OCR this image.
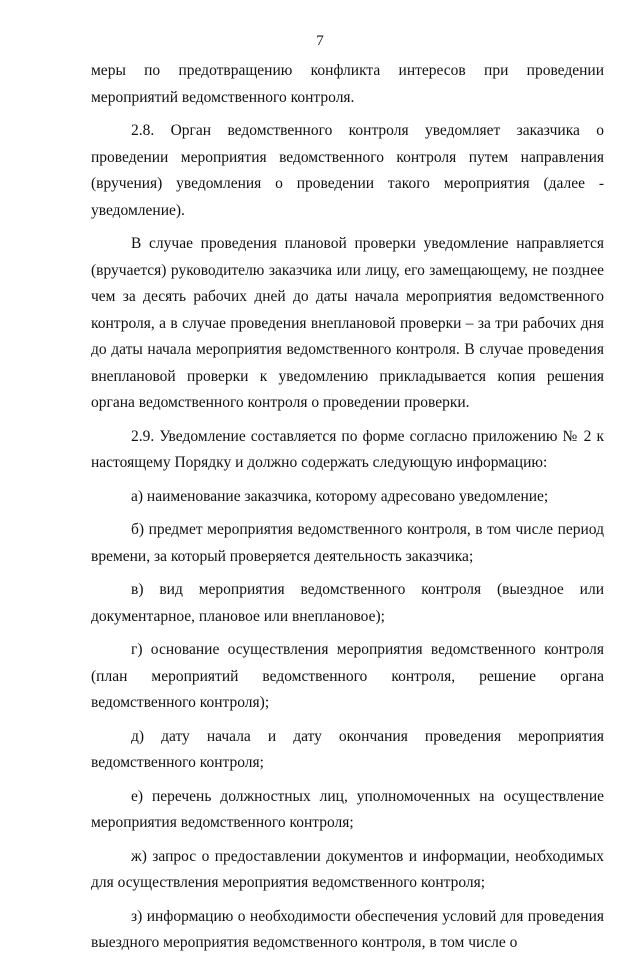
7

меры по предотвращению конфликта интересов при проведении мероприятий ведомственного контроля.

2.8. Орган ведомственного контроля уведомляет заказчика о проведении мероприятия ведомственного контроля путем направления (вручения) уведомления о проведении такого мероприятия (далее - уведомление).

В случае проведения плановой проверки уведомление направляется (вручается) руководителю заказчика или лицу, его замещающему, не позднее чем за десять рабочих дней до даты начала мероприятия ведомственного контроля, а в случае проведения внеплановой проверки – за три рабочих дня до даты начала мероприятия ведомственного контроля. В случае проведения внеплановой проверки к уведомлению прикладывается копия решения органа ведомственного контроля о проведении проверки.

2.9. Уведомление составляется по форме согласно приложению № 2 к настоящему Порядку и должно содержать следующую информацию:

а) наименование заказчика, которому адресовано уведомление;

б) предмет мероприятия ведомственного контроля, в том числе период времени, за который проверяется деятельность заказчика;

в) вид мероприятия ведомственного контроля (выездное или документарное, плановое или внеплановое);

г) основание осуществления мероприятия ведомственного контроля (план мероприятий ведомственного контроля, решение органа ведомственного контроля);

д) дату начала и дату окончания проведения мероприятия ведомственного контроля;

е) перечень должностных лиц, уполномоченных на осуществление мероприятия ведомственного контроля;

ж) запрос о предоставлении документов и информации, необходимых для осуществления мероприятия ведомственного контроля;

з) информацию о необходимости обеспечения условий для проведения выездного мероприятия ведомственного контроля, в том числе о
